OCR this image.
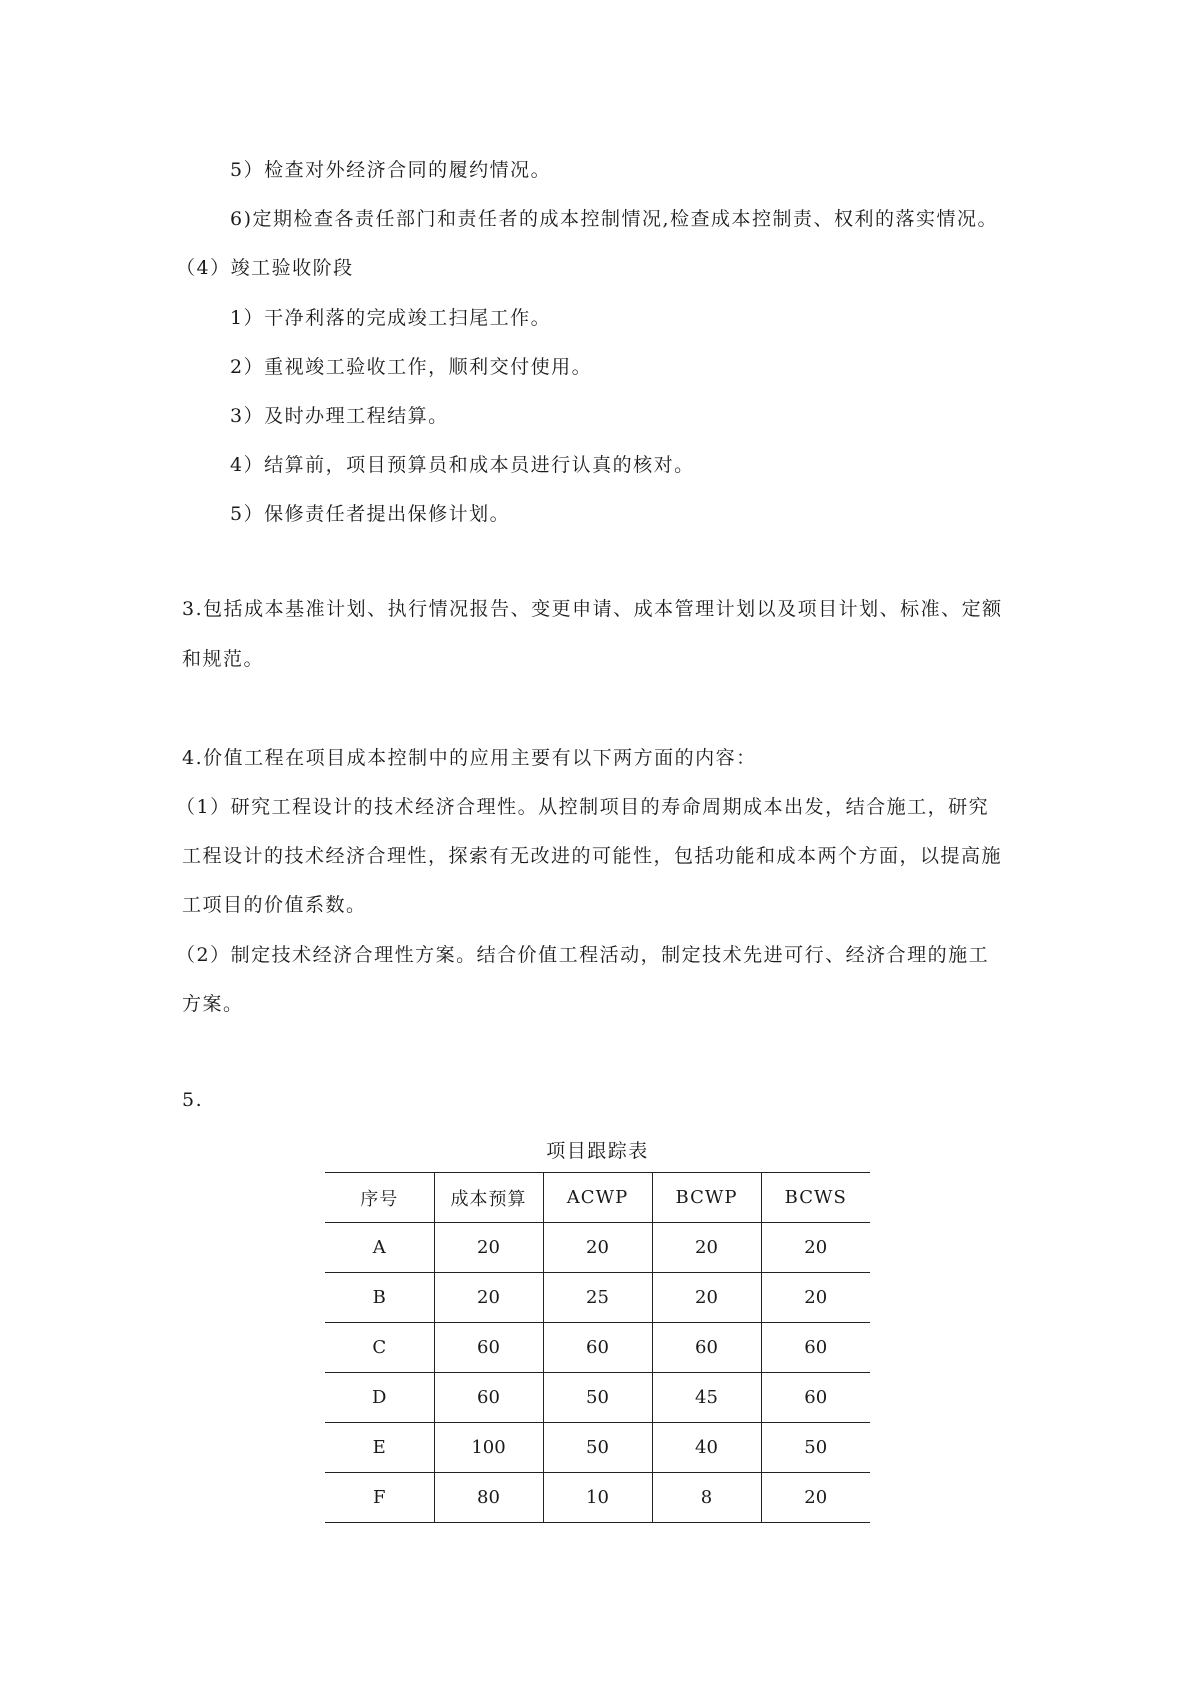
5）检查对外经济合同的履约情况。

6)定期检查各责任部门和责任者的成本控制情况,检查成本控制责、权利的落实情况。

（4）竣工验收阶段

1）干净利落的完成竣工扫尾工作。

2）重视竣工验收工作，顺利交付使用。

3）及时办理工程结算。

4）结算前，项目预算员和成本员进行认真的核对。

5）保修责任者提出保修计划。

3.包括成本基准计划、执行情况报告、变更申请、成本管理计划以及项目计划、标准、定额

和规范。

4.价值工程在项目成本控制中的应用主要有以下两方面的内容：

（1）研究工程设计的技术经济合理性。从控制项目的寿命周期成本出发，结合施工，研究

工程设计的技术经济合理性，探索有无改进的可能性，包括功能和成本两个方面，以提高施

工项目的价值系数。

（2）制定技术经济合理性方案。结合价值工程活动，制定技术先进可行、经济合理的施工

方案。

5.

项目跟踪表
序号	成本预算	ACWP	BCWP	BCWS
A	20	20	20	20
B	20	25	20	20
C	60	60	60	60
D	60	50	45	60
E	100	50	40	50
F	80	10	8	20
